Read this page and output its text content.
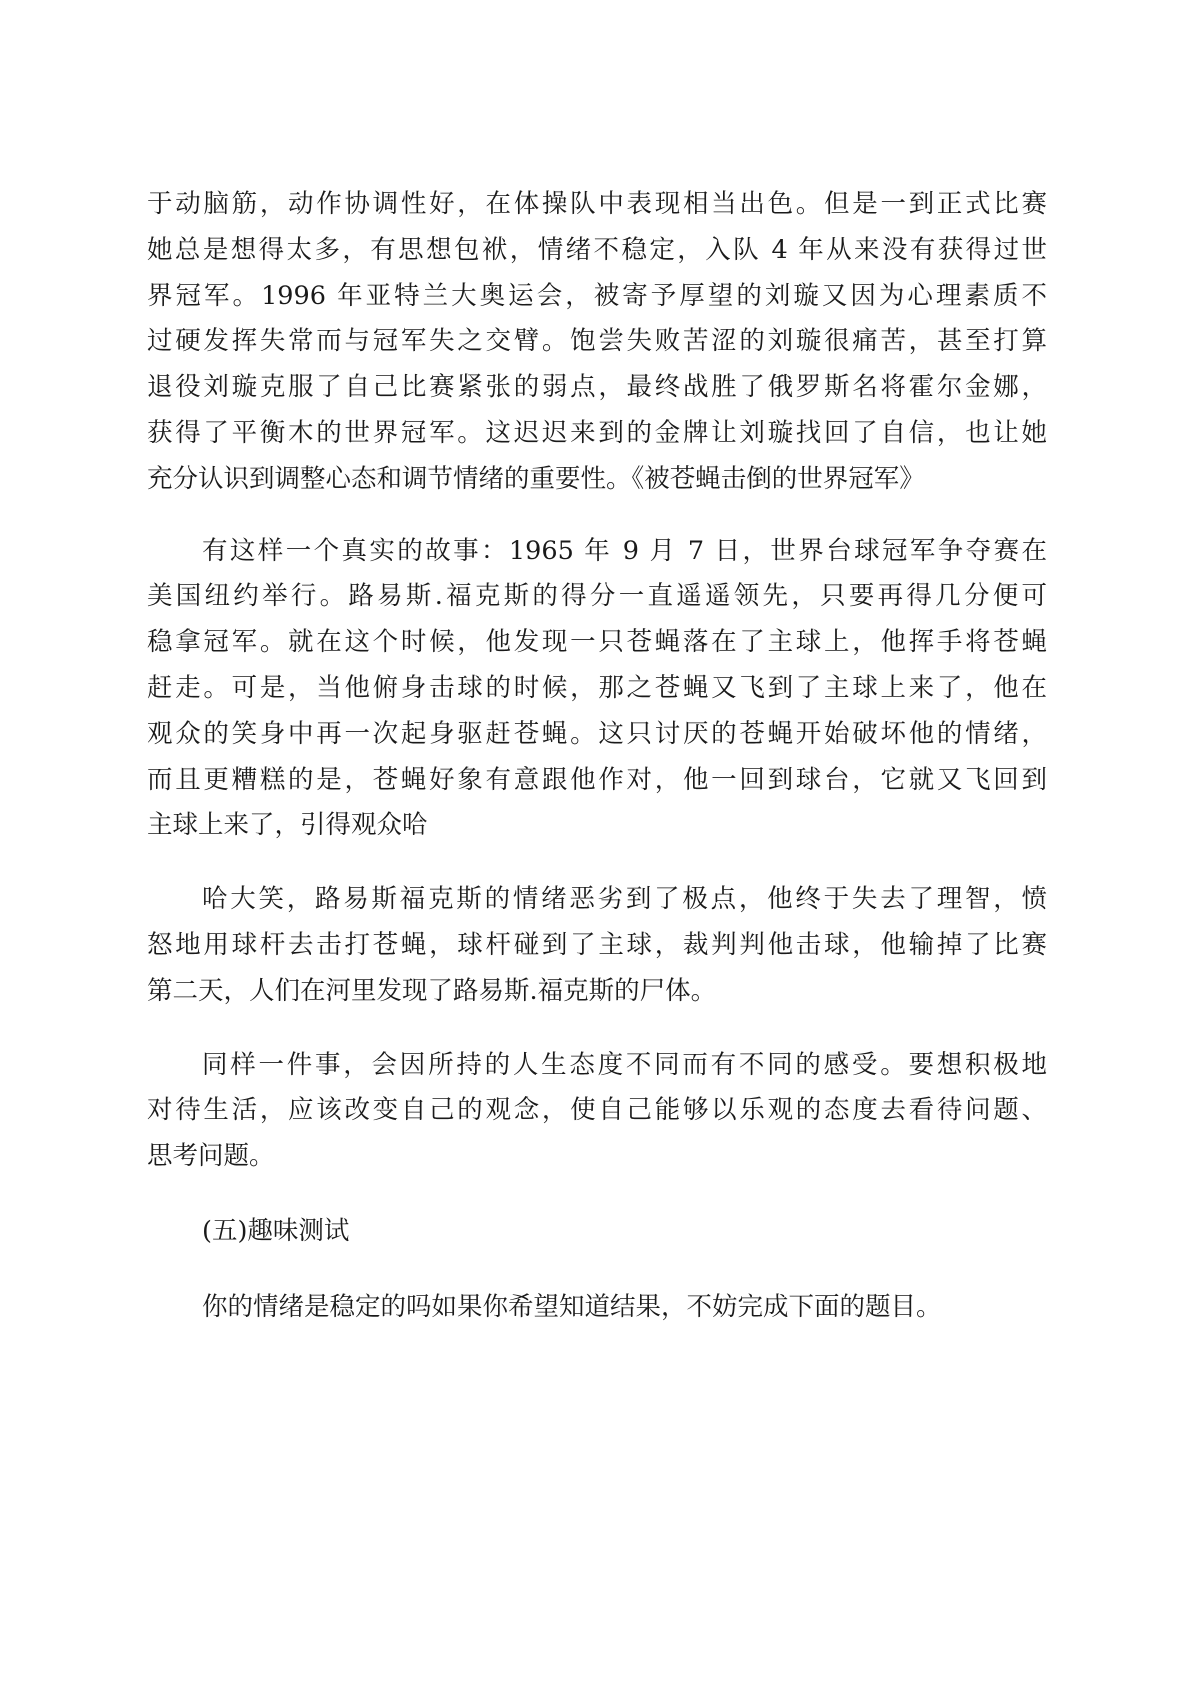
于动脑筋，动作协调性好，在体操队中表现相当出色。但是一到正式比赛
她总是想得太多，有思想包袱，情绪不稳定，入队 4 年从来没有获得过世
界冠军。1996 年亚特兰大奥运会，被寄予厚望的刘璇又因为心理素质不
过硬发挥失常而与冠军失之交臂。饱尝失败苦涩的刘璇很痛苦，甚至打算
退役刘璇克服了自己比赛紧张的弱点，最终战胜了俄罗斯名将霍尔金娜，
获得了平衡木的世界冠军。这迟迟来到的金牌让刘璇找回了自信，也让她
充分认识到调整心态和调节情绪的重要性。《被苍蝇击倒的世界冠军》
有这样一个真实的故事：1965 年 9 月 7 日，世界台球冠军争夺赛在
美国纽约举行。路易斯.福克斯的得分一直遥遥领先，只要再得几分便可
稳拿冠军。就在这个时候，他发现一只苍蝇落在了主球上，他挥手将苍蝇
赶走。可是，当他俯身击球的时候，那之苍蝇又飞到了主球上来了，他在
观众的笑身中再一次起身驱赶苍蝇。这只讨厌的苍蝇开始破坏他的情绪，
而且更糟糕的是，苍蝇好象有意跟他作对，他一回到球台，它就又飞回到
主球上来了，引得观众哈
哈大笑，路易斯福克斯的情绪恶劣到了极点，他终于失去了理智，愤
怒地用球杆去击打苍蝇，球杆碰到了主球，裁判判他击球，他输掉了比赛
第二天，人们在河里发现了路易斯.福克斯的尸体。
同样一件事，会因所持的人生态度不同而有不同的感受。要想积极地
对待生活，应该改变自己的观念，使自己能够以乐观的态度去看待问题、
思考问题。
(五)趣味测试
你的情绪是稳定的吗如果你希望知道结果，不妨完成下面的题目。
